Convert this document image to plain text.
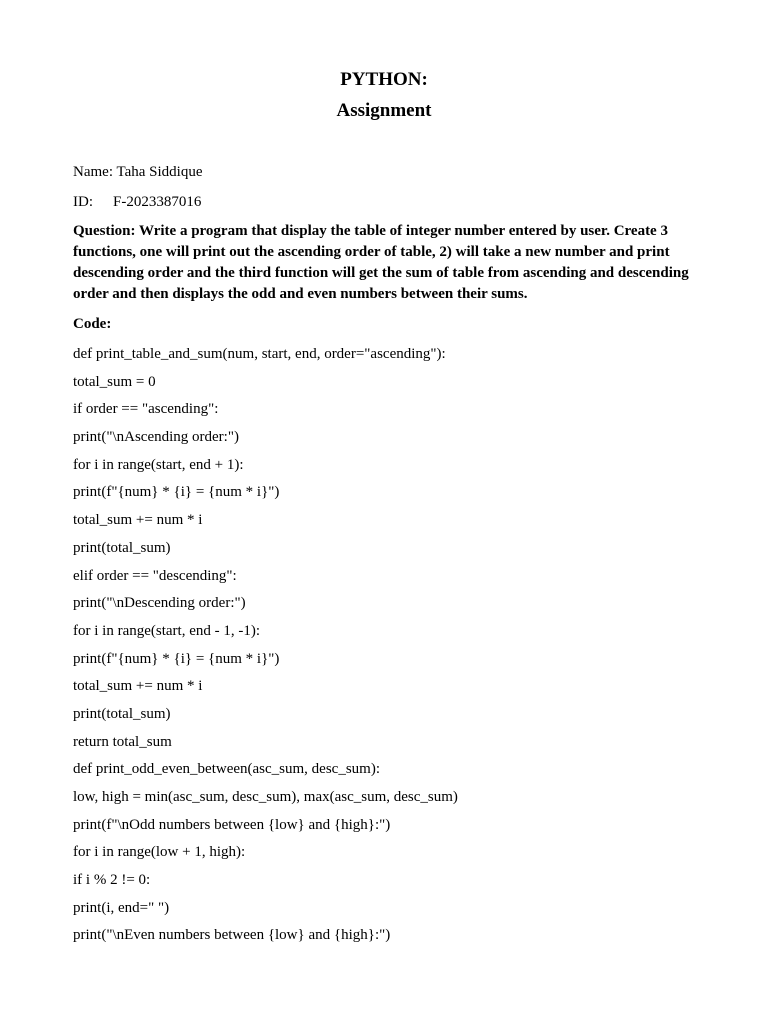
PYTHON:
Assignment

Name: Taha Siddique

ID: F-2023387016

Question: Write a program that display the table of integer number entered by user. Create 3 functions, one will print out the ascending order of table, 2) will take a new number and print descending order and the third function will get the sum of table from ascending and descending order and then displays the odd and even numbers between their sums.

Code:

def print_table_and_sum(num, start, end, order="ascending"):

total_sum = 0

if order == "ascending":

print("\nAscending order:")

for i in range(start, end + 1):

print(f"{num} * {i} = {num * i}")

total_sum += num * i

print(total_sum)

elif order == "descending":

print("\nDescending order:")

for i in range(start, end - 1, -1):

print(f"{num} * {i} = {num * i}")

total_sum += num * i

print(total_sum)

return total_sum

def print_odd_even_between(asc_sum, desc_sum):

low, high = min(asc_sum, desc_sum), max(asc_sum, desc_sum)

print(f"\nOdd numbers between {low} and {high}:")

for i in range(low + 1, high):

if i % 2 != 0:

print(i, end=" ")

print("\nEven numbers between {low} and {high}:")
